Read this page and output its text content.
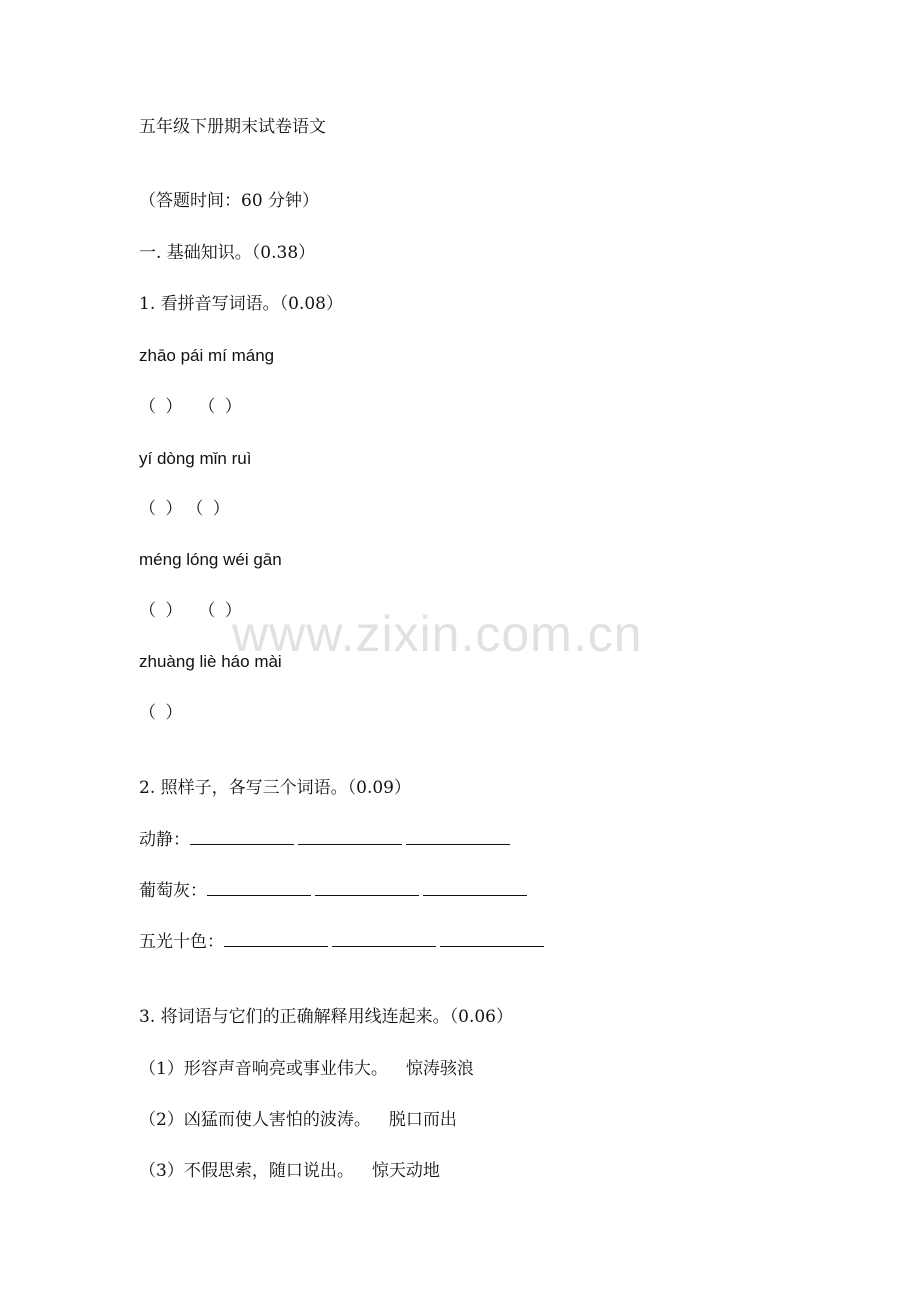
五年级下册期末试卷语文
（答题时间：60 分钟）
一. 基础知识。（0.38）
1. 看拼音写词语。（0.08）
zhāo pái mí máng
（ ） （ ）
yí dòng mǐn ruì
（ ） （ ）
méng lóng wéi gān
（ ） （ ）
zhuàng liè háo mài
（ ）
2. 照样子，各写三个词语。（0.09）
动静：
葡萄灰：
五光十色：
3. 将词语与它们的正确解释用线连起来。（0.06）
（1）形容声音响亮或事业伟大。 惊涛骇浪
（2）凶猛而使人害怕的波涛。 脱口而出
（3）不假思索，随口说出。 惊天动地
www.zixin.com.cn
